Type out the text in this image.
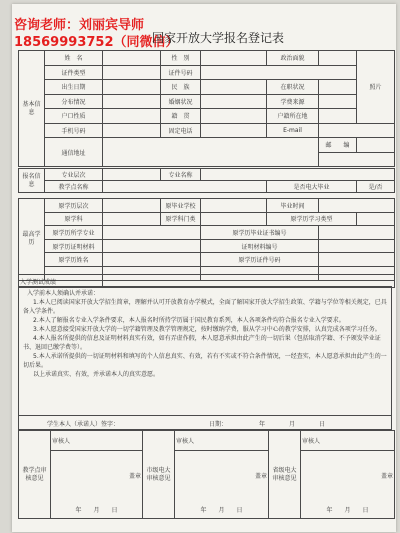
咨询老师：刘丽宾导师
18569993752（同微信）
国家开放大学报名登记表
基本信息	姓　名		性　别		政治面貌		照片
	证件类型		证件号码				
	出生日期		民　族		在职状况		
	分布情况		婚姻状况		学费来源		
	户口性质		籍　贯		户籍所在地		
	手机号码		固定电话		E-mail		
	通信地址					邮　　编	

报名信息	专业层次		专业名称			
	教学点名称				是否电大毕业	是/否
最高学历	原学历层次		原毕业学校		毕业时间		
	原学科		原学科门类		原学历学习类型		
	原学历所学专业			原学历毕业证书编号			
	原学历证明材料			证明材料编号			
	原学历姓名			原学历证件号码			

入学测试成绩	

入学前本人须确认并承诺：

1.本人已阅读国家开放大学招生简章，理解并认可开放教育办学模式，全面了解国家开放大学招生政策、学籍与学位等相关规定，已具备入学条件。

2.本人了解报名专业入学条件要求，本人报名时所持学历属于国民教育系列，本人各项条件均符合报名专业入学要求。

3.本人愿意接受国家开放大学的一切学籍管理及教学管理规定，按时缴纳学费，服从学习中心的教学安排，认真完成各项学习任务。

4.本人报名所提供的信息及证明材料真实有效，如有弄虚作假，本人愿意承担由此产生的一切后果（包括取消学籍、不予颁发毕业证书、退回已缴学费等）。

5.本人承诺所提供的一切证明材料和填写的个人信息真实、有效，若有不实或不符合条件情况，一经查实，本人愿意承担由此产生的一切后果。

以上承诺真实、有效，并承诺本人的真实意愿。

学生本人（承诺人）签字：	日期：	年	月	日
教学点审核意见	审核人	市级电大审核意见	审核人	省级电大审核意见	审核人
	盖章		盖章		盖章
	年　　 月　　 日		年　　 月　　 日		年　　 月　　 日
